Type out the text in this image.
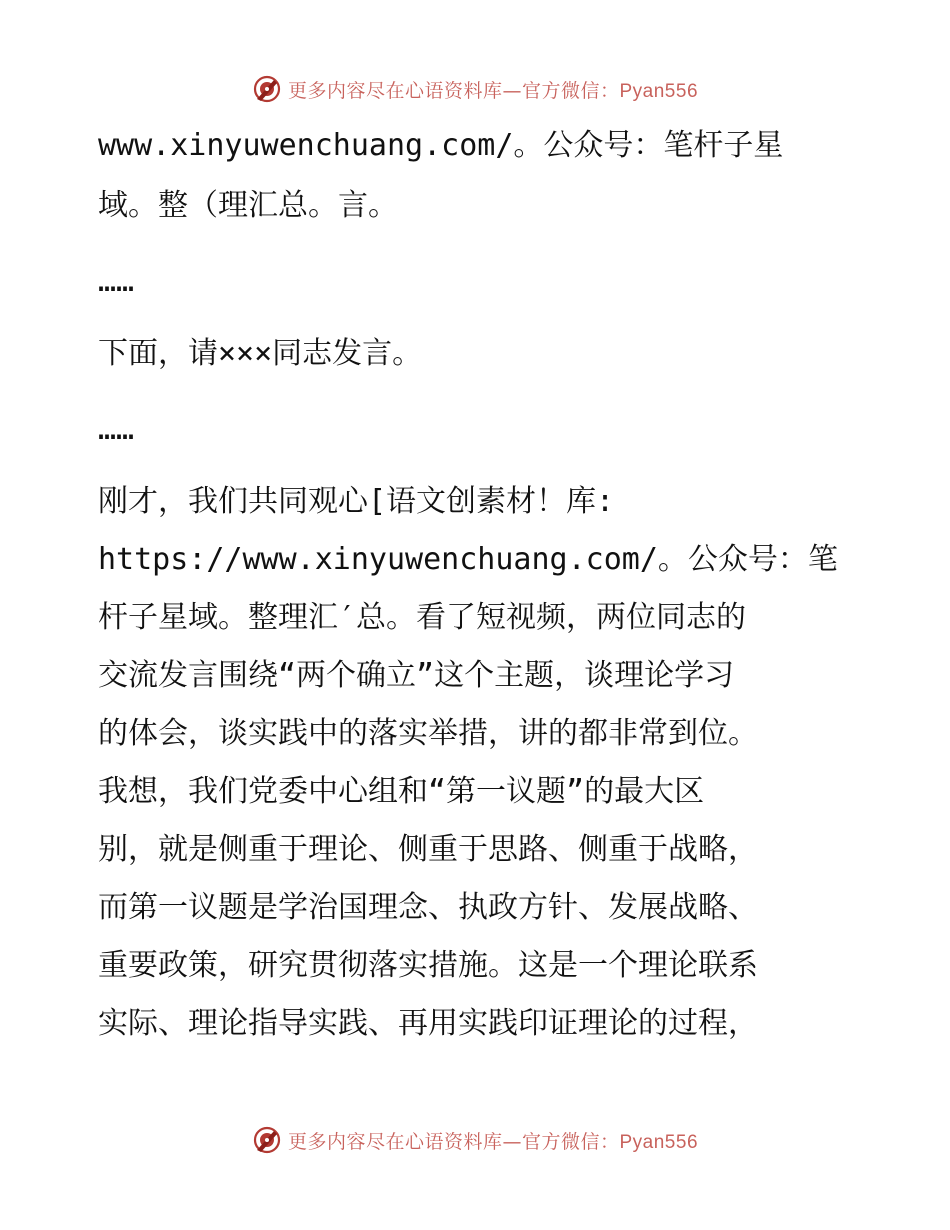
更多内容尽在心语资料库—官方微信：Pyan556
www.xinyuwenchuang.com/。公众号：笔杆子星
域。整（理汇总。言。
……
下面，请×××同志发言。
……
刚才，我们共同观心[语文创素材！库:
https://www.xinyuwenchuang.com/。公众号：笔
杆子星域。整理汇′总。看了短视频，两位同志的
交流发言围绕“两个确立”这个主题，谈理论学习
的体会，谈实践中的落实举措，讲的都非常到位。
我想，我们党委中心组和“第一议题”的最大区
别，就是侧重于理论、侧重于思路、侧重于战略，
而第一议题是学治国理念、执政方针、发展战略、
重要政策，研究贯彻落实措施。这是一个理论联系
实际、理论指导实践、再用实践印证理论的过程，
更多内容尽在心语资料库—官方微信：Pyan556
